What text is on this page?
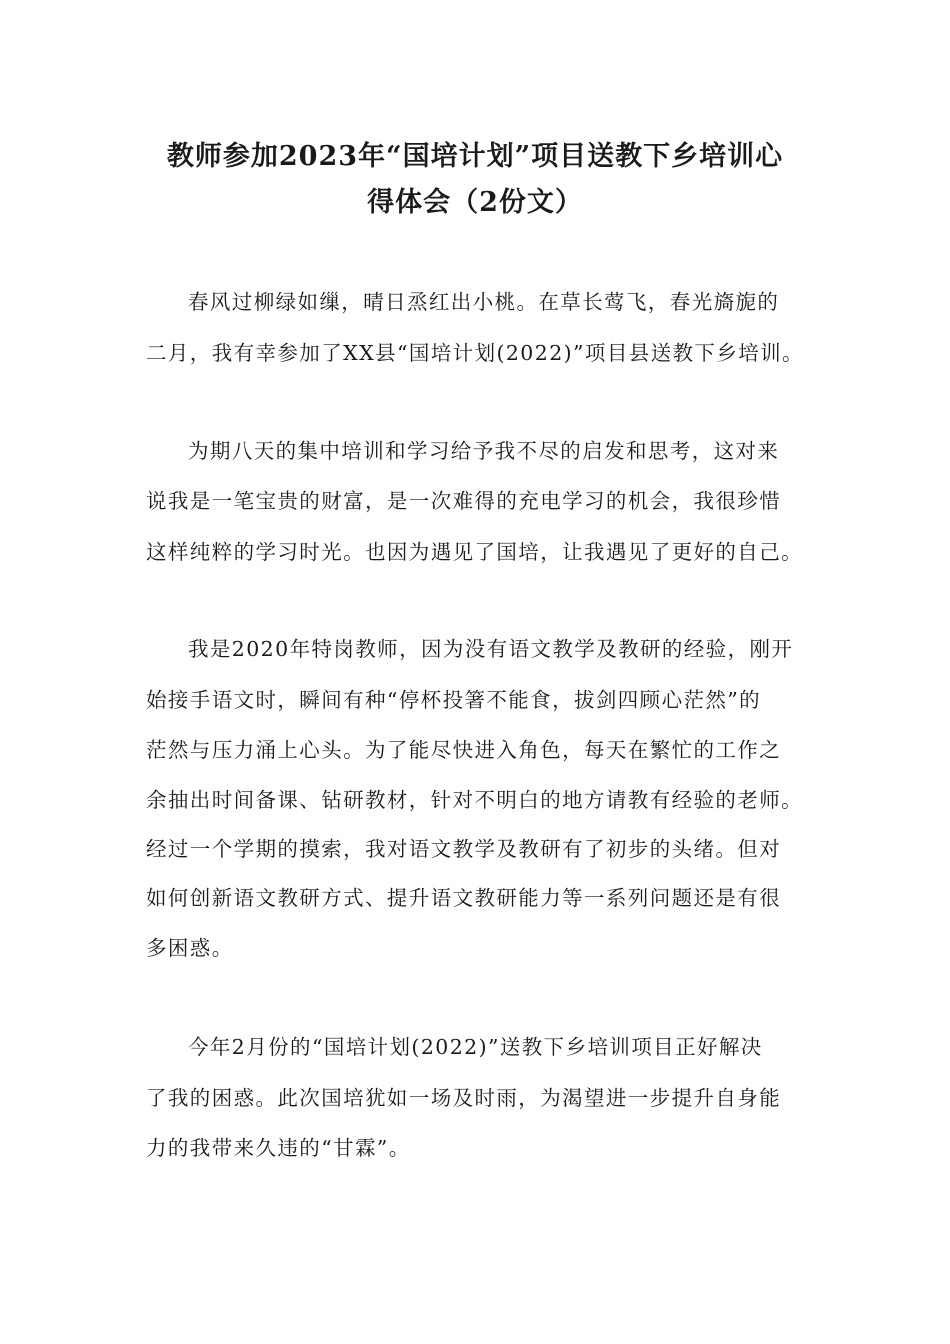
教师参加2023年“国培计划”项目送教下乡培训心
得体会（2份文）
春风过柳绿如缫，晴日烝红出小桃。在草长莺飞，春光旖旎的
二月，我有幸参加了XX县“国培计划(2022)”项目县送教下乡培训。
为期八天的集中培训和学习给予我不尽的启发和思考，这对来
说我是一笔宝贵的财富，是一次难得的充电学习的机会，我很珍惜
这样纯粹的学习时光。也因为遇见了国培，让我遇见了更好的自己。
我是2020年特岗教师，因为没有语文教学及教研的经验，刚开
始接手语文时，瞬间有种“停杯投箸不能食，拔剑四顾心茫然”的
茫然与压力涌上心头。为了能尽快进入角色，每天在繁忙的工作之
余抽出时间备课、钻研教材，针对不明白的地方请教有经验的老师。
经过一个学期的摸索，我对语文教学及教研有了初步的头绪。但对
如何创新语文教研方式、提升语文教研能力等一系列问题还是有很
多困惑。
今年2月份的“国培计划(2022)”送教下乡培训项目正好解决
了我的困惑。此次国培犹如一场及时雨，为渴望进一步提升自身能
力的我带来久违的“甘霖”。
